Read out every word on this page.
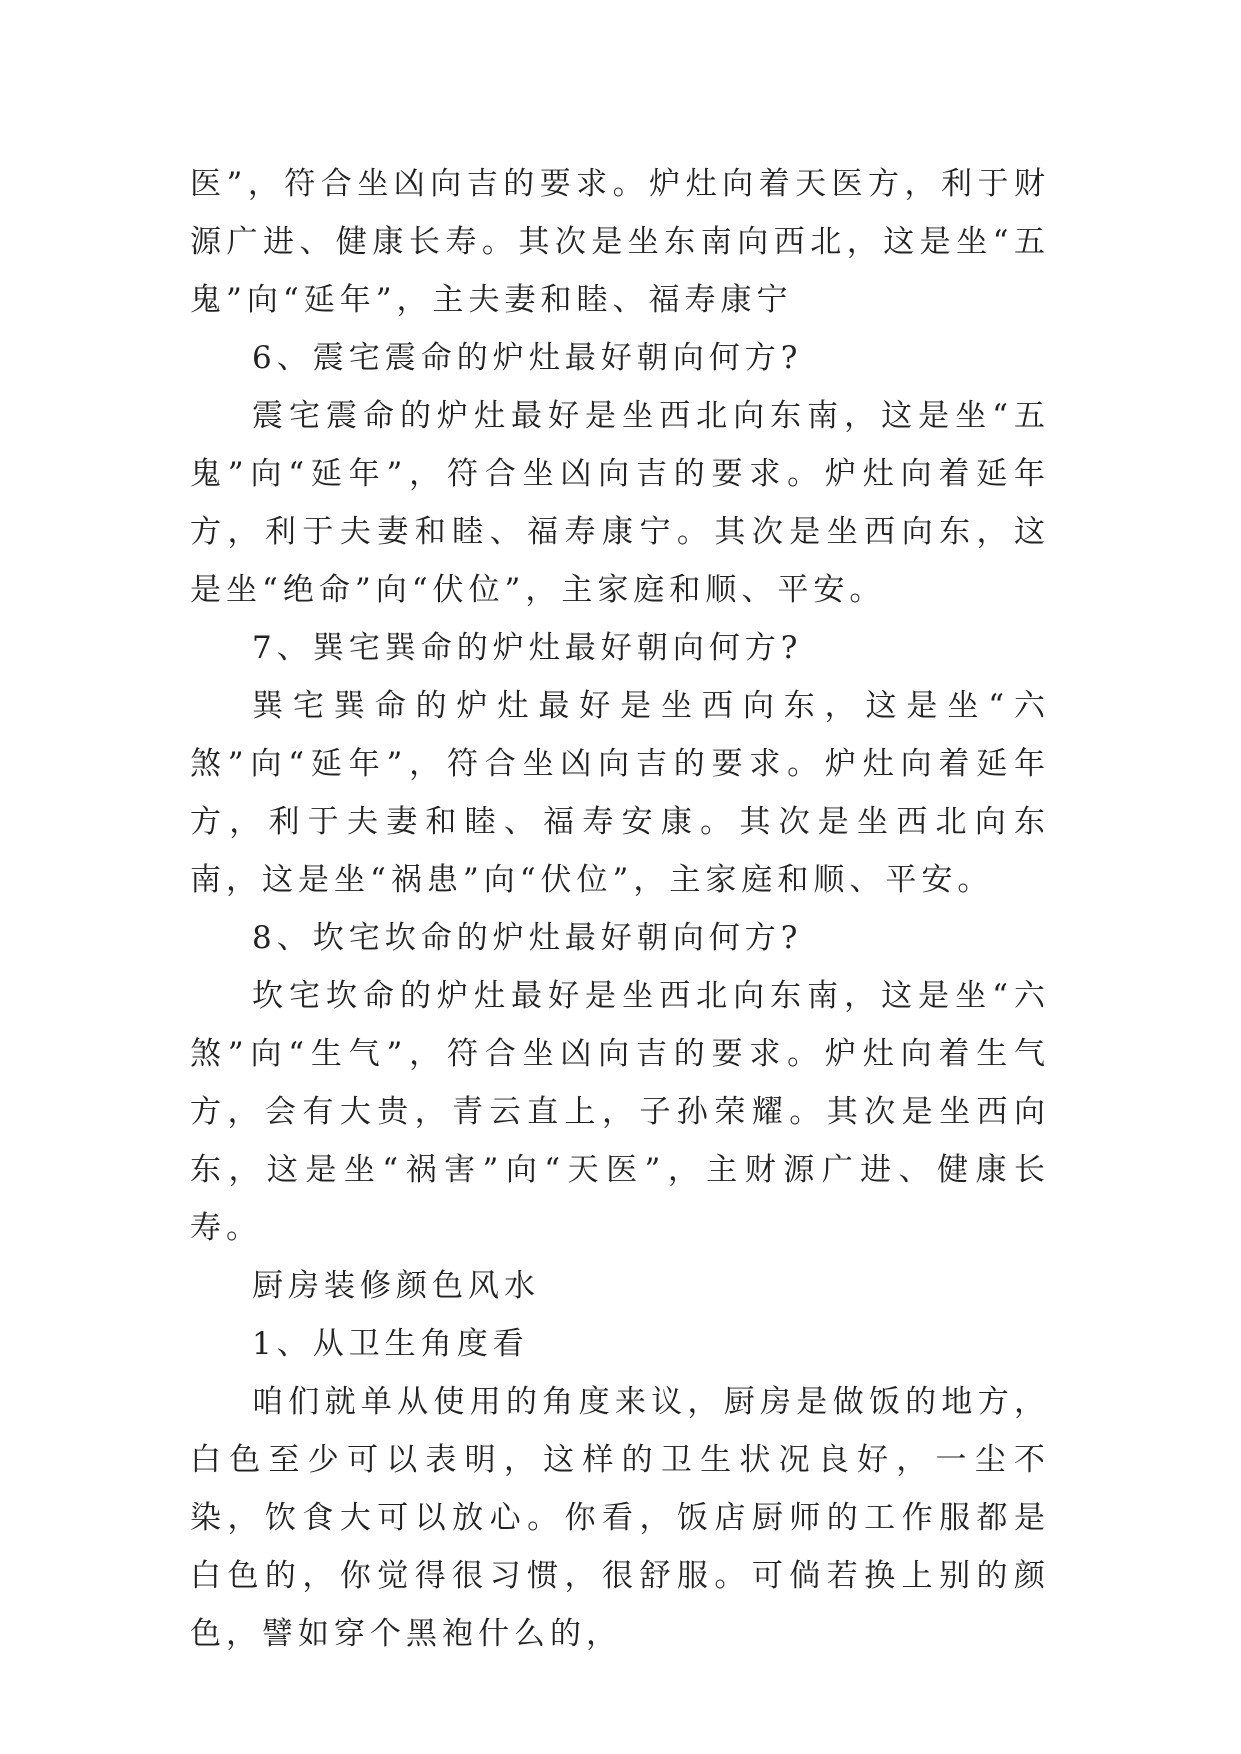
医”，符合坐凶向吉的要求。炉灶向着天医方，利于财源广进、健康长寿。其次是坐东南向西北，这是坐“五鬼”向“延年”，主夫妻和睦、福寿康宁

6、震宅震命的炉灶最好朝向何方?

震宅震命的炉灶最好是坐西北向东南，这是坐“五鬼”向“延年”，符合坐凶向吉的要求。炉灶向着延年方，利于夫妻和睦、福寿康宁。其次是坐西向东，这是坐“绝命”向“伏位”，主家庭和顺、平安。

7、巽宅巽命的炉灶最好朝向何方?

巽宅巽命的炉灶最好是坐西向东，这是坐“六煞”向“延年”，符合坐凶向吉的要求。炉灶向着延年方，利于夫妻和睦、福寿安康。其次是坐西北向东南，这是坐“祸患”向“伏位”，主家庭和顺、平安。

8、坎宅坎命的炉灶最好朝向何方?

坎宅坎命的炉灶最好是坐西北向东南，这是坐“六煞”向“生气”，符合坐凶向吉的要求。炉灶向着生气方，会有大贵，青云直上，子孙荣耀。其次是坐西向东，这是坐“祸害”向“天医”，主财源广进、健康长寿。

厨房装修颜色风水

1、从卫生角度看

咱们就单从使用的角度来议，厨房是做饭的地方，白色至少可以表明，这样的卫生状况良好，一尘不染，饮食大可以放心。你看，饭店厨师的工作服都是白色的，你觉得很习惯，很舒服。可倘若换上别的颜色，譬如穿个黑袍什么的，
